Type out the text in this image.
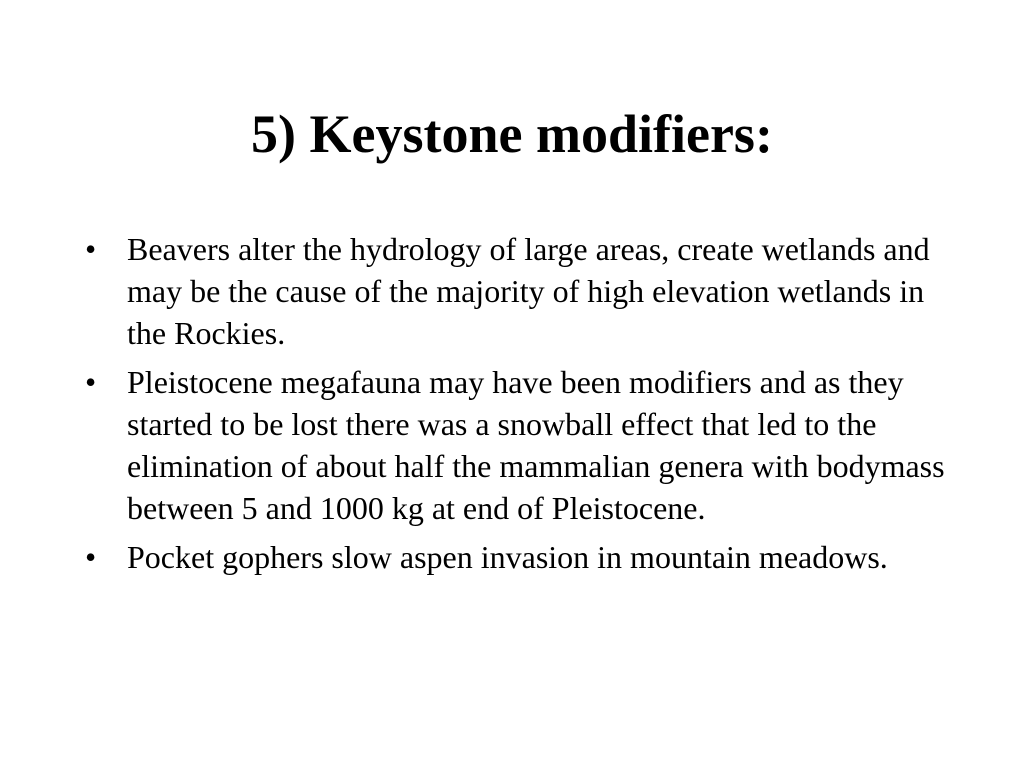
5) Keystone modifiers:
• Beavers alter the hydrology of large areas, create wetlands and may be the cause of the majority of high elevation wetlands in the Rockies.
• Pleistocene megafauna may have been modifiers and as they started to be lost there was a snowball effect that led to the elimination of about half the mammalian genera with bodymass between 5 and 1000 kg at end of Pleistocene.
• Pocket gophers slow aspen invasion in mountain meadows.
